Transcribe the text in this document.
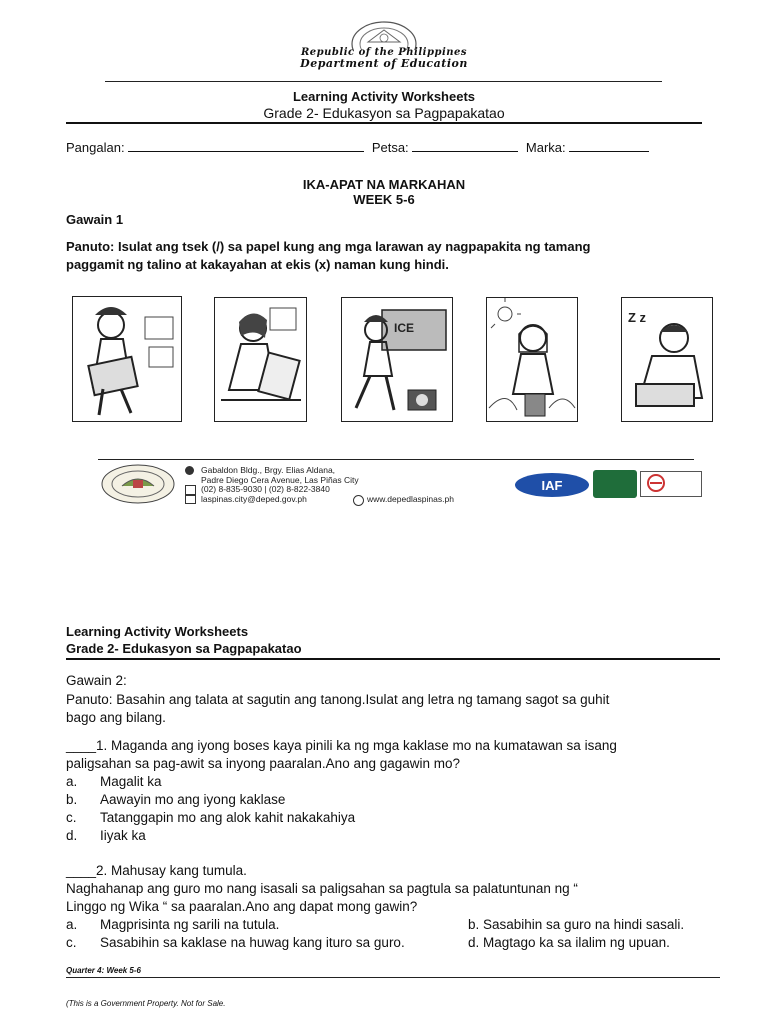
Republic of the Philippines
Department of Education
Learning Activity Worksheets
Grade 2- Edukasyon sa Pagpapakatao
Pangalan:	Petsa:	Marka:
IKA-APAT NA MARKAHAN
WEEK 5-6
Gawain 1
Panuto: Isulat ang tsek (/) sa papel kung ang mga larawan ay nagpapakita ng tamang
paggamit ng talino at kakayahan at ekis (x) naman kung hindi.
ICE
Z z
Gabaldon Bldg., Brgy. Elias Aldana,
Padre Diego Cera Avenue, Las Piñas City
(02) 8-835-9030 | (02) 8-822-3840
laspinas.city@deped.gov.ph	www.depedlaspinas.ph
IAF
Learning Activity Worksheets
Grade 2- Edukasyon sa Pagpapakatao
Gawain 2:
Panuto: Basahin ang talata at sagutin ang tanong.Isulat ang letra ng tamang sagot sa guhit
bago ang bilang.
____1. Maganda ang iyong boses kaya pinili ka ng mga kaklase mo na kumatawan sa isang
paligsahan sa pag-awit sa inyong paaralan.Ano ang gagawin mo?
a. Magalit ka
b. Aawayin mo ang iyong kaklase
c. Tatanggapin mo ang alok kahit nakakahiya
d. Iiyak ka
____2. Mahusay kang tumula.
Naghahanap ang guro mo nang isasali sa paligsahan sa pagtula sa palatuntunan ng “
Linggo ng Wika “ sa paaralan.Ano ang dapat mong gawin?
a. Magprisinta ng sarili na tutula.	b. Sasabihin sa guro na hindi sasali.
c. Sasabihin sa kaklase na huwag kang ituro sa guro.	d. Magtago ka sa ilalim ng upuan.
Quarter 4: Week 5-6
(This is a Government Property. Not for Sale.
